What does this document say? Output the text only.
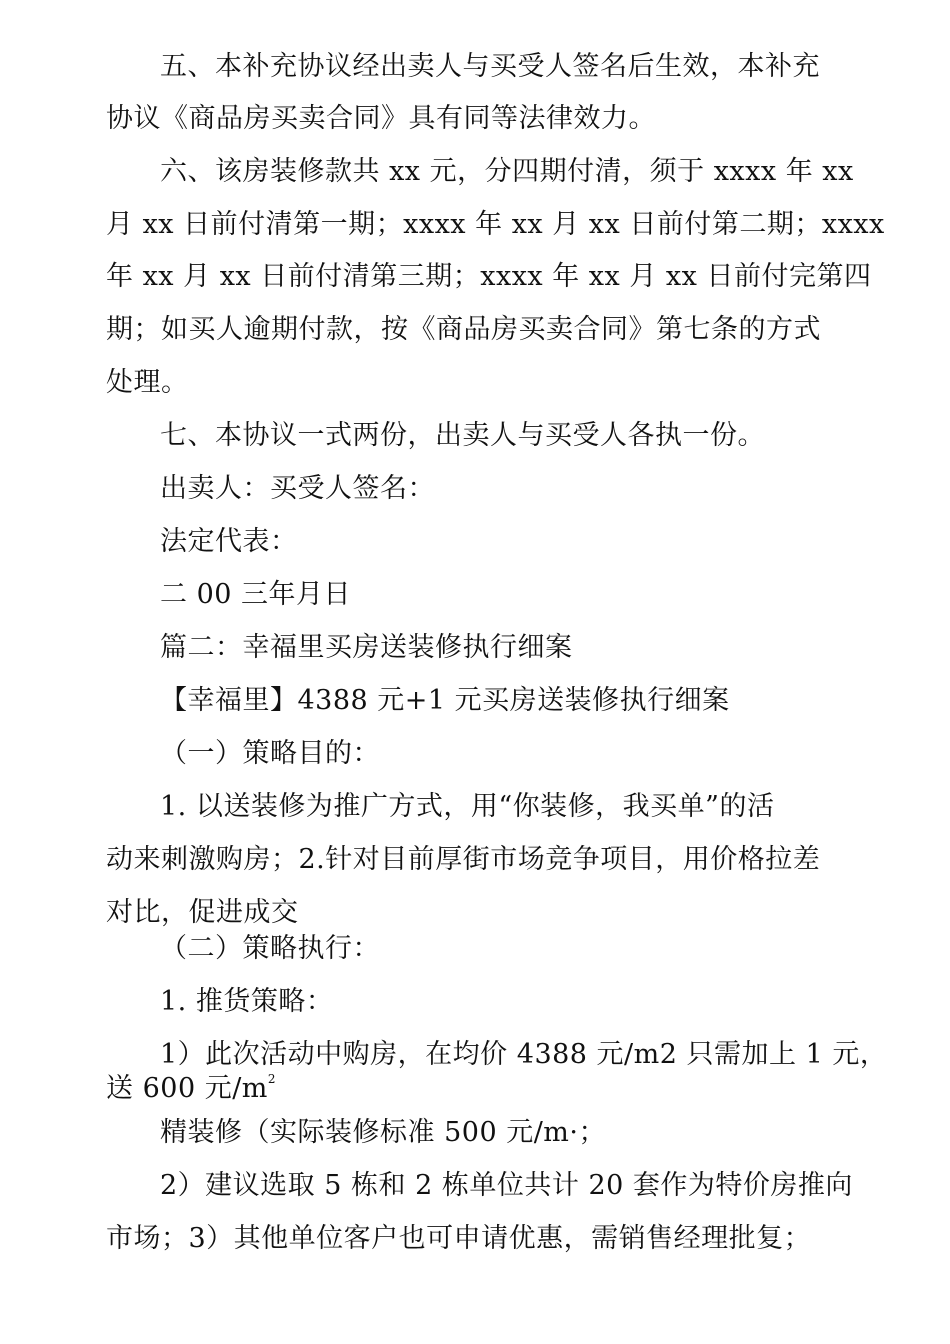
五、本补充协议经出卖人与买受人签名后生效，本补充
协议《商品房买卖合同》具有同等法律效力。
六、该房装修款共 xx 元，分四期付清，须于 xxxx 年 xx
月 xx 日前付清第一期；xxxx 年 xx 月 xx 日前付第二期；xxxx
年 xx 月 xx 日前付清第三期；xxxx 年 xx 月 xx 日前付完第四
期；如买人逾期付款，按《商品房买卖合同》第七条的方式
处理。
七、本协议一式两份，出卖人与买受人各执一份。
出卖人：买受人签名：
法定代表：
二 00 三年月日
篇二：幸福里买房送装修执行细案
【幸福里】4388 元+1 元买房送装修执行细案
（一）策略目的：
1. 以送装修为推广方式，用“你装修，我买单”的活
动来刺激购房；2.针对目前厚街市场竞争项目，用价格拉差
对比，促进成交
（二）策略执行：
1. 推货策略：
1）此次活动中购房，在均价 4388 元/m2 只需加上 1 元，
送 600 元$/m^2$
精装修（实际装修标准 500 元/m·；
2）建议选取 5 栋和 2 栋单位共计 20 套作为特价房推向
市场；3）其他单位客户也可申请优惠，需销售经理批复；
